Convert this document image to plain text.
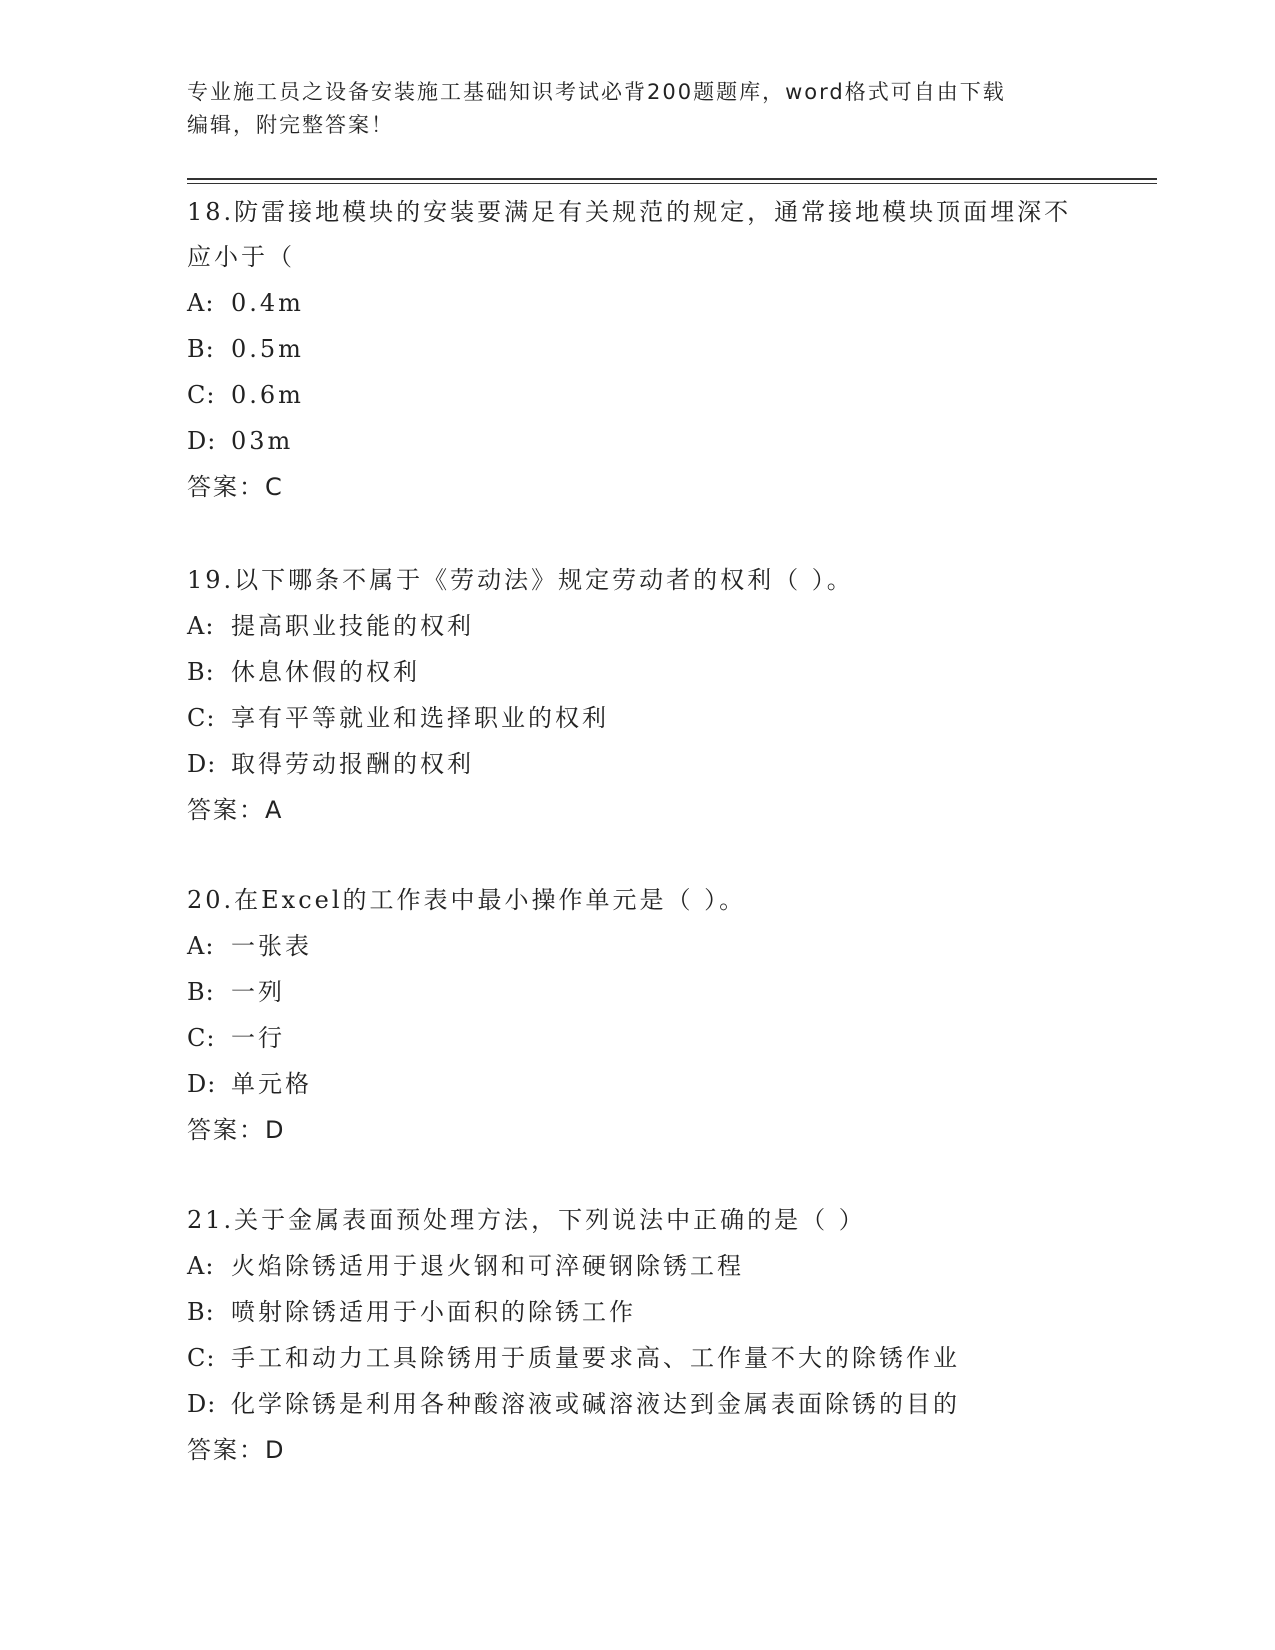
专业施工员之设备安装施工基础知识考试必背200题题库，word格式可自由下载
编辑，附完整答案！

18.防雷接地模块的安装要满足有关规范的规定，通常接地模块顶面埋深不应小于（

A: 0.4m

B: 0.5m

C: 0.6m

D: 03m

答案：C

19.以下哪条不属于《劳动法》规定劳动者的权利（ ）。

A: 提高职业技能的权利

B: 休息休假的权利

C: 享有平等就业和选择职业的权利

D: 取得劳动报酬的权利

答案：A

20.在Excel的工作表中最小操作单元是（ ）。

A: 一张表

B: 一列

C: 一行

D: 单元格

答案：D

21.关于金属表面预处理方法，下列说法中正确的是（ ）

A: 火焰除锈适用于退火钢和可淬硬钢除锈工程

B: 喷射除锈适用于小面积的除锈工作

C: 手工和动力工具除锈用于质量要求高、工作量不大的除锈作业

D: 化学除锈是利用各种酸溶液或碱溶液达到金属表面除锈的目的

答案：D
